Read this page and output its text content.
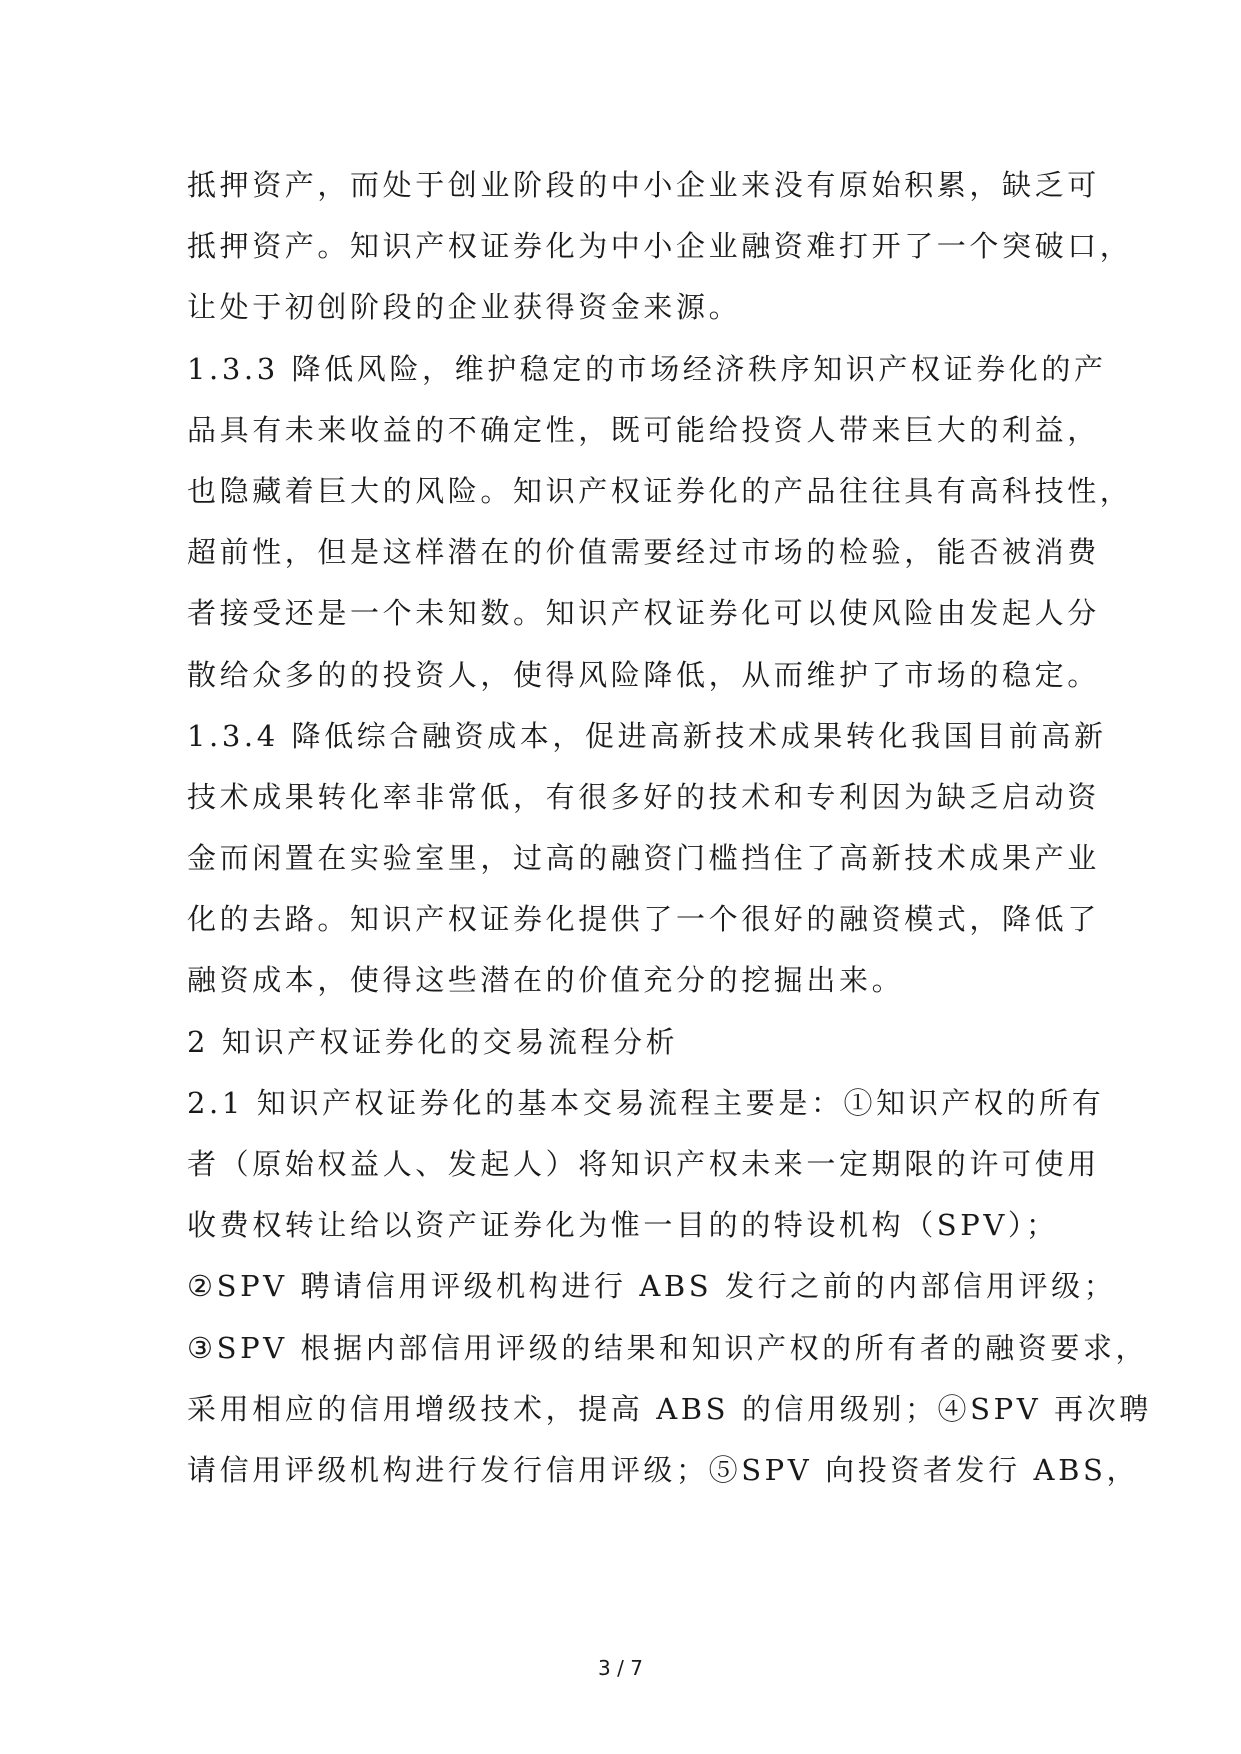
抵押资产，而处于创业阶段的中小企业来没有原始积累，缺乏可
抵押资产。知识产权证券化为中小企业融资难打开了一个突破口，
让处于初创阶段的企业获得资金来源。
1.3.3 降低风险，维护稳定的市场经济秩序知识产权证券化的产
品具有未来收益的不确定性，既可能给投资人带来巨大的利益，
也隐藏着巨大的风险。知识产权证券化的产品往往具有高科技性，
超前性，但是这样潜在的价值需要经过市场的检验，能否被消费
者接受还是一个未知数。知识产权证券化可以使风险由发起人分
散给众多的的投资人，使得风险降低，从而维护了市场的稳定。
1.3.4 降低综合融资成本，促进高新技术成果转化我国目前高新
技术成果转化率非常低，有很多好的技术和专利因为缺乏启动资
金而闲置在实验室里，过高的融资门槛挡住了高新技术成果产业
化的去路。知识产权证券化提供了一个很好的融资模式，降低了
融资成本，使得这些潜在的价值充分的挖掘出来。
2 知识产权证券化的交易流程分析
2.1 知识产权证券化的基本交易流程主要是：①知识产权的所有
者（原始权益人、发起人）将知识产权未来一定期限的许可使用
收费权转让给以资产证券化为惟一目的的特设机构（SPV）；
②SPV 聘请信用评级机构进行 ABS 发行之前的内部信用评级；
③SPV 根据内部信用评级的结果和知识产权的所有者的融资要求，
采用相应的信用增级技术，提高 ABS 的信用级别；④SPV 再次聘
请信用评级机构进行发行信用评级；⑤SPV 向投资者发行 ABS，
3 / 7
